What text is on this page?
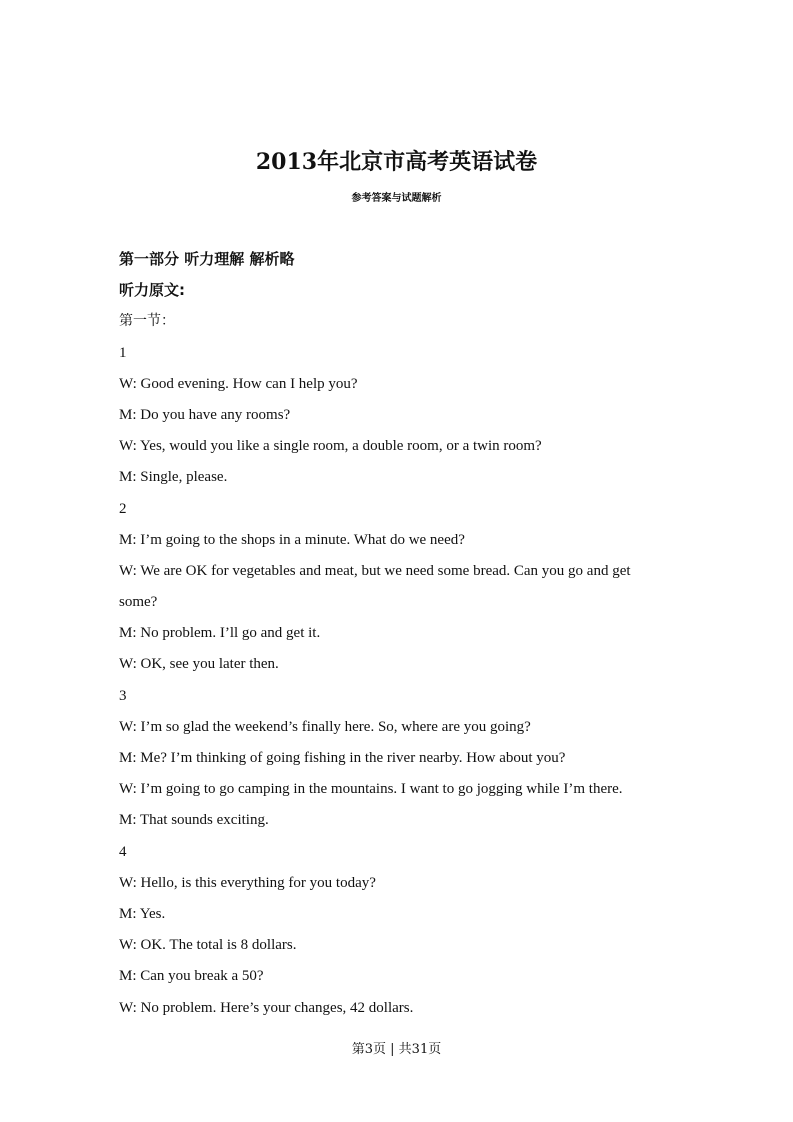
2013年北京市高考英语试卷
参考答案与试题解析
第一部分 听力理解 解析略
听力原文:
第一节：
1
W: Good evening. How can I help you?
M: Do you have any rooms?
W: Yes, would you like a single room, a double room, or a twin room?
M: Single, please.
2
M: I’m going to the shops in a minute. What do we need?
W: We are OK for vegetables and meat, but we need some bread. Can you go and get
some?
M: No problem. I’ll go and get it.
W: OK, see you later then.
3
W: I’m so glad the weekend’s finally here. So, where are you going?
M: Me? I’m thinking of going fishing in the river nearby. How about you?
W: I’m going to go camping in the mountains. I want to go jogging while I’m there.
M: That sounds exciting.
4
W: Hello, is this everything for you today?
M: Yes.
W: OK. The total is 8 dollars.
M: Can you break a 50?
W: No problem. Here’s your changes, 42 dollars.
第3页 | 共31页
